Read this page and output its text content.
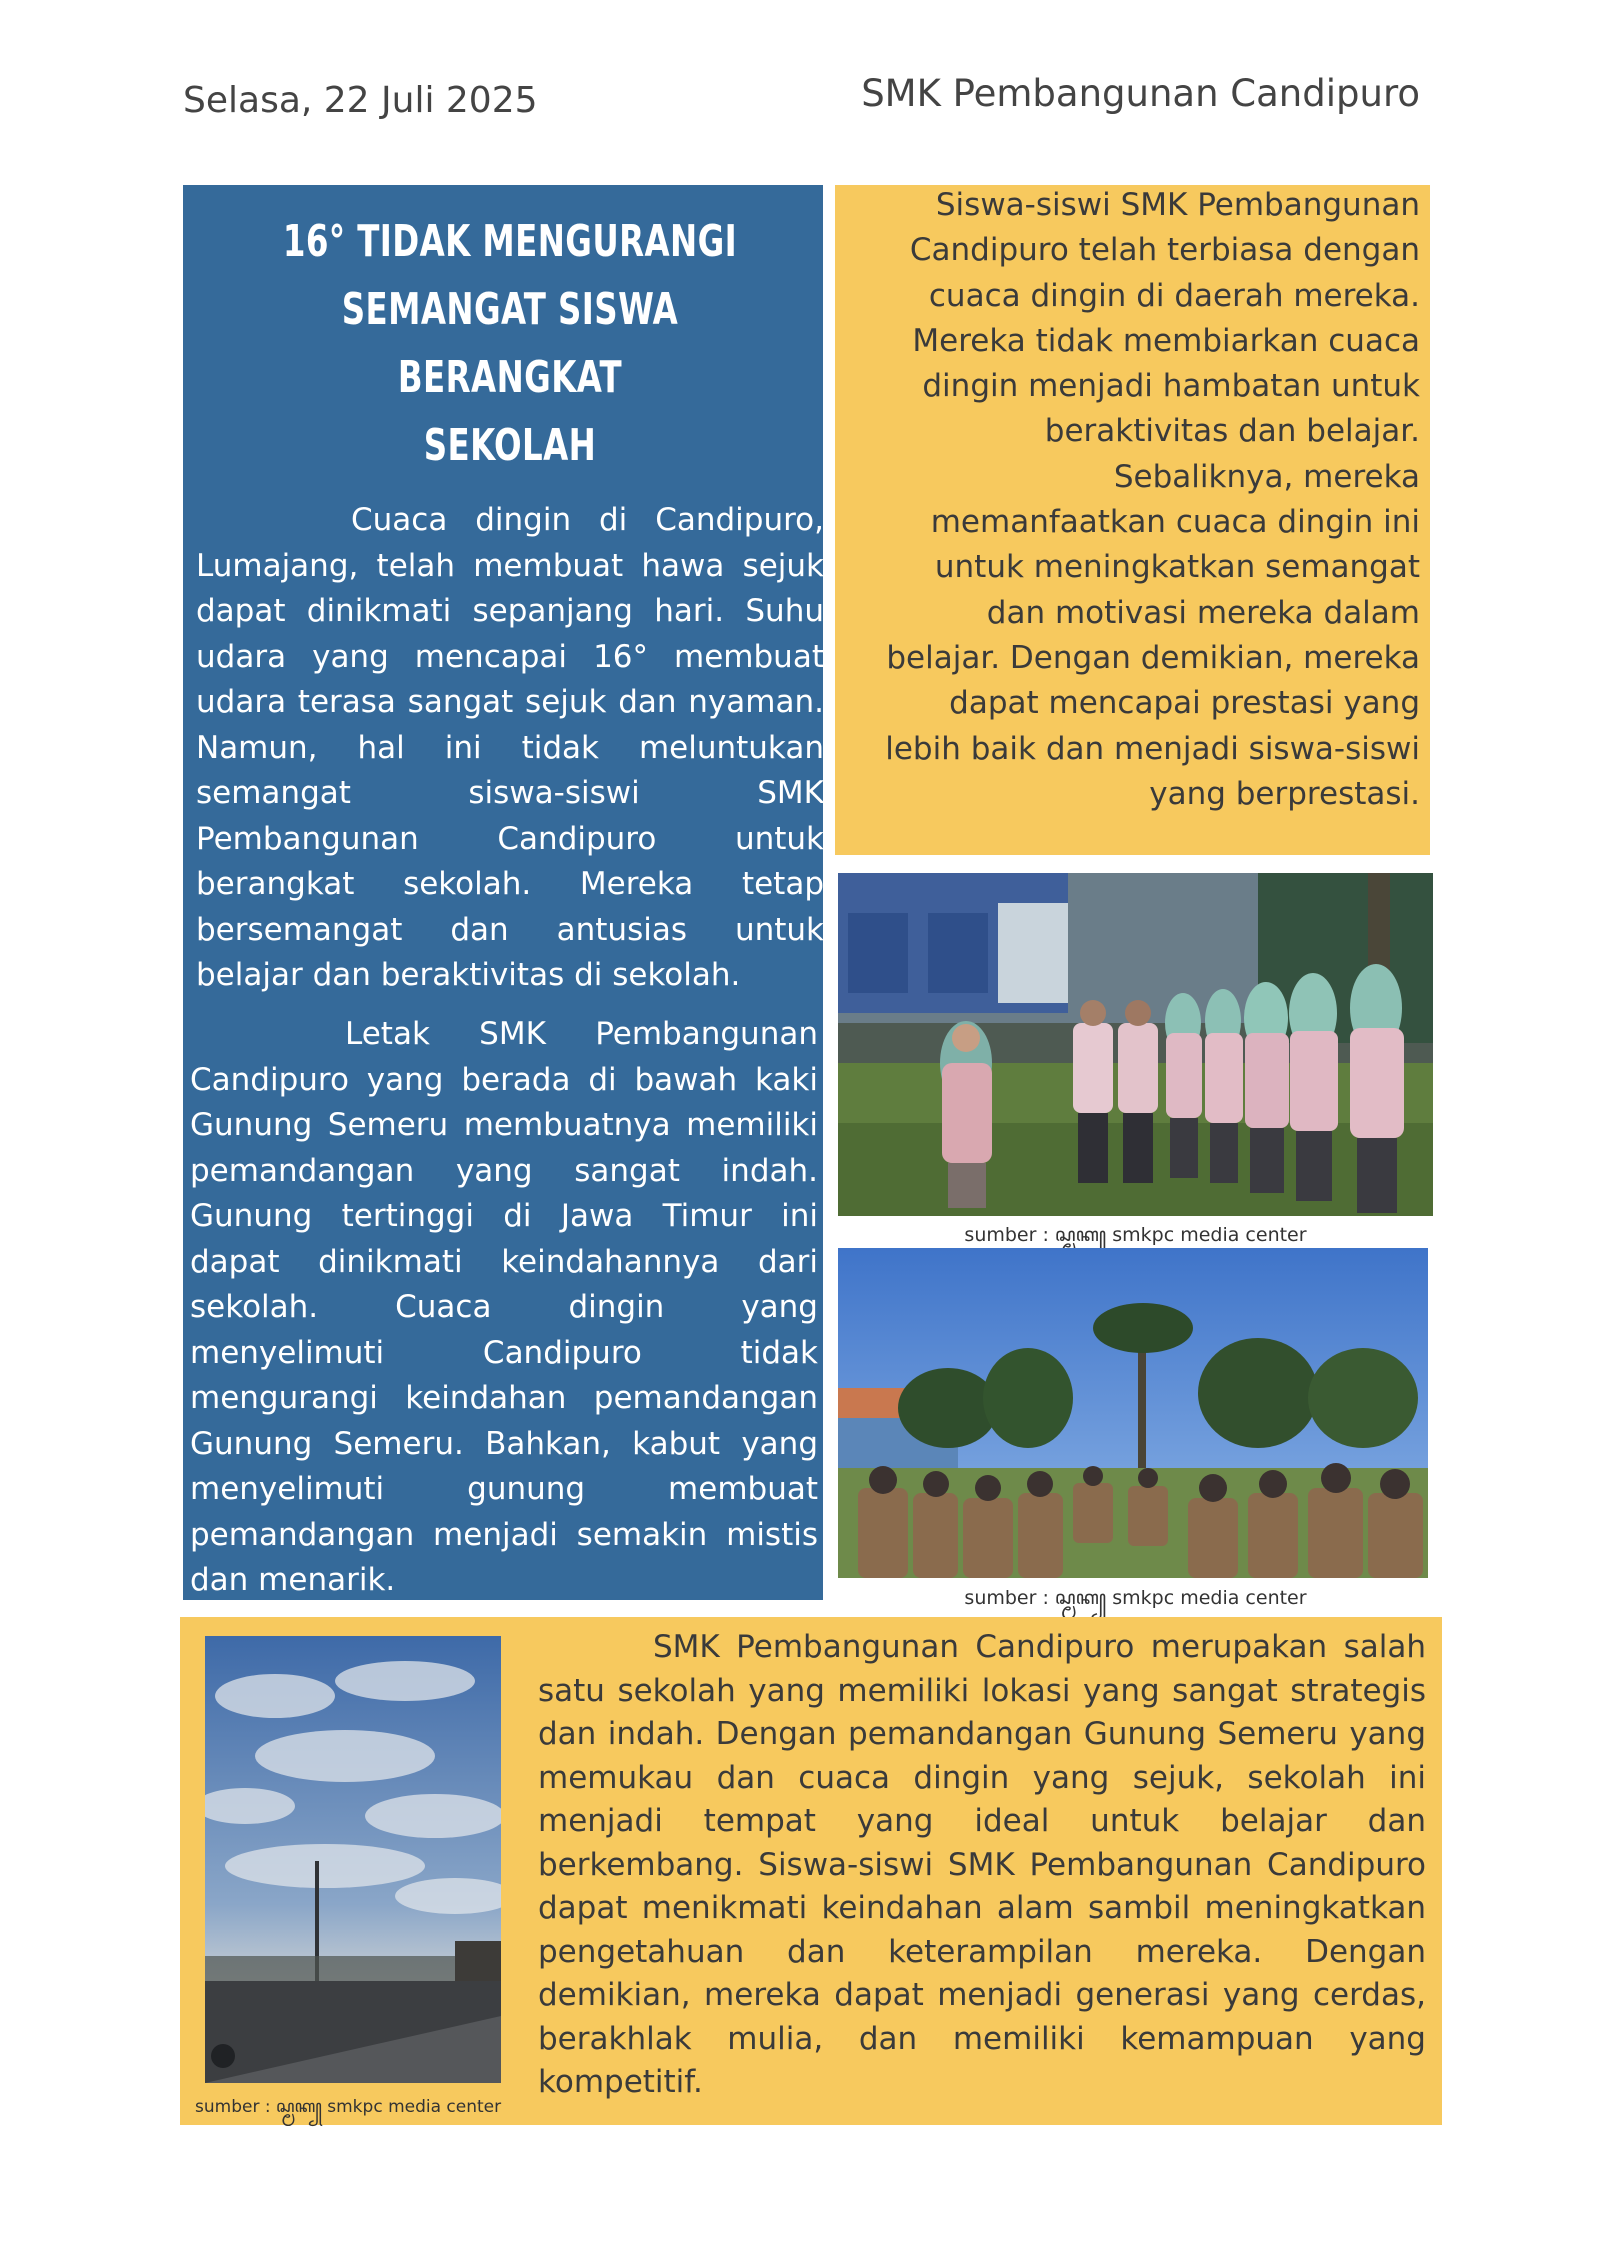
Selasa, 22 Juli 2025	SMK Pembangunan Candipuro
16° TIDAK MENGURANGI
SEMANGAT SISWA BERANGKAT
SEKOLAH
Cuaca dingin di Candipuro, Lumajang, telah membuat hawa sejuk dapat dinikmati sepanjang hari. Suhu udara yang mencapai 16° membuat udara terasa sangat sejuk dan nyaman. Namun, hal ini tidak meluntukan semangat siswa-siswi SMK Pembangunan Candipuro untuk berangkat sekolah. Mereka tetap bersemangat dan antusias untuk belajar dan beraktivitas di sekolah.
Letak SMK Pembangunan Candipuro yang berada di bawah kaki Gunung Semeru membuatnya memiliki pemandangan yang sangat indah. Gunung tertinggi di Jawa Timur ini dapat dinikmati keindahannya dari sekolah. Cuaca dingin yang menyelimuti Candipuro tidak mengurangi keindahan pemandangan Gunung Semeru. Bahkan, kabut yang menyelimuti gunung membuat pemandangan menjadi semakin mistis dan menarik.
Siswa-siswi SMK Pembangunan
Candipuro telah terbiasa dengan
cuaca dingin di daerah mereka.
Mereka tidak membiarkan cuaca
dingin menjadi hambatan untuk
beraktivitas dan belajar.
Sebaliknya, mereka
memanfaatkan cuaca dingin ini
untuk meningkatkan semangat
dan motivasi mereka dalam
belajar. Dengan demikian, mereka
dapat mencapai prestasi yang
lebih baik dan menjadi siswa-siswi
yang berprestasi.
sumber : ꦱ꧀ꦩꦏ꧀ smkpc media center
sumber : ꦱ꧀ꦩꦏ꧀ smkpc media center
sumber : ꦱ꧀ꦩꦏ꧀ smkpc media center
SMK Pembangunan Candipuro merupakan salah satu sekolah yang memiliki lokasi yang sangat strategis dan indah. Dengan pemandangan Gunung Semeru yang memukau dan cuaca dingin yang sejuk, sekolah ini menjadi tempat yang ideal untuk belajar dan berkembang. Siswa-siswi SMK Pembangunan Candipuro dapat menikmati keindahan alam sambil meningkatkan pengetahuan dan keterampilan mereka. Dengan demikian, mereka dapat menjadi generasi yang cerdas, berakhlak mulia, dan memiliki kemampuan yang kompetitif.
